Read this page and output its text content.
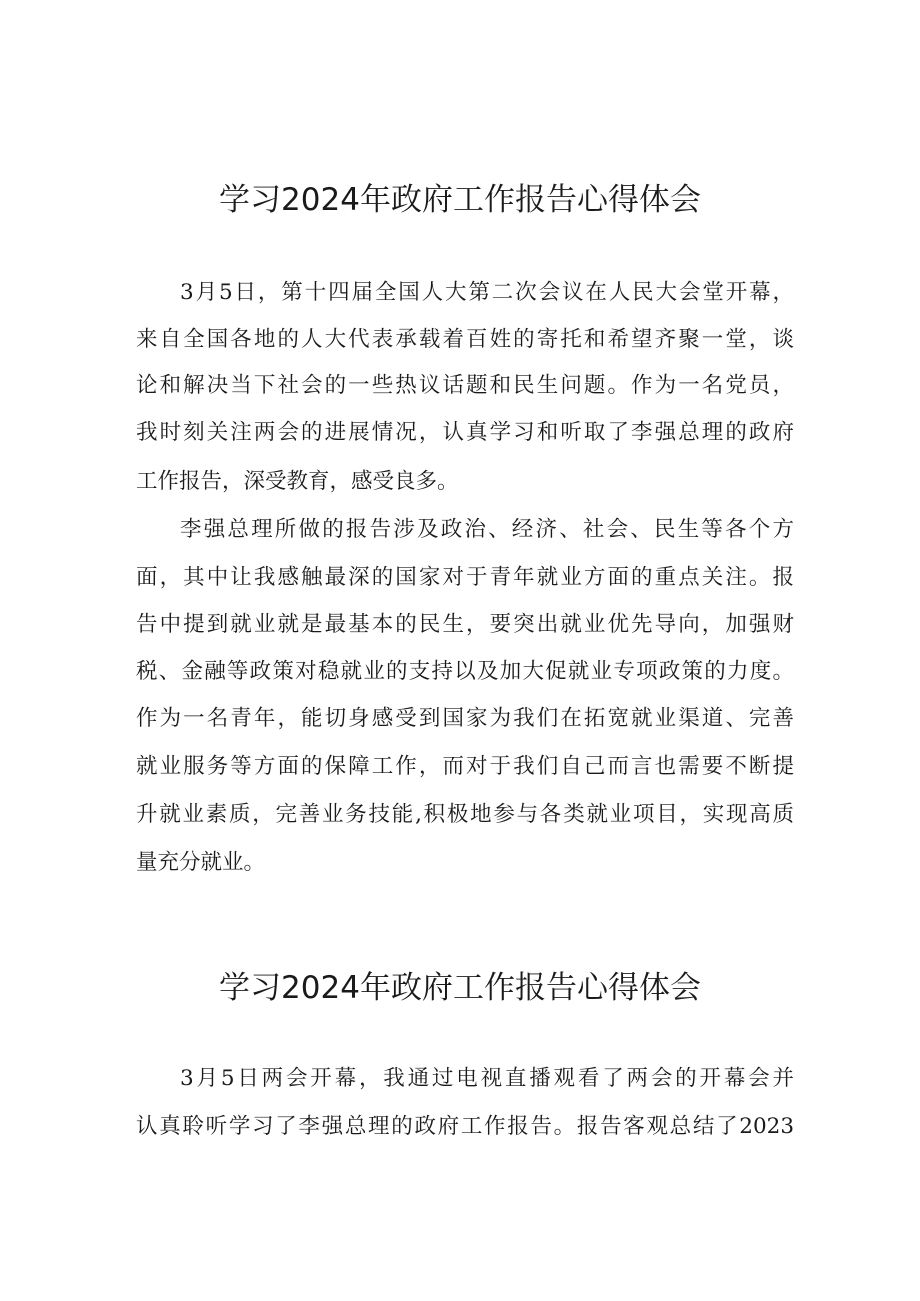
学习2024年政府工作报告心得体会
3月5日，第十四届全国人大第二次会议在人民大会堂开幕，
来自全国各地的人大代表承载着百姓的寄托和希望齐聚一堂，谈
论和解决当下社会的一些热议话题和民生问题。作为一名党员，
我时刻关注两会的进展情况，认真学习和听取了李强总理的政府
工作报告，深受教育，感受良多。
李强总理所做的报告涉及政治、经济、社会、民生等各个方
面，其中让我感触最深的国家对于青年就业方面的重点关注。报
告中提到就业就是最基本的民生，要突出就业优先导向，加强财
税、金融等政策对稳就业的支持以及加大促就业专项政策的力度。
作为一名青年，能切身感受到国家为我们在拓宽就业渠道、完善
就业服务等方面的保障工作，而对于我们自己而言也需要不断提
升就业素质，完善业务技能,积极地参与各类就业项目，实现高质
量充分就业。
学习2024年政府工作报告心得体会
3月5日两会开幕，我通过电视直播观看了两会的开幕会并
认真聆听学习了李强总理的政府工作报告。报告客观总结了2023
